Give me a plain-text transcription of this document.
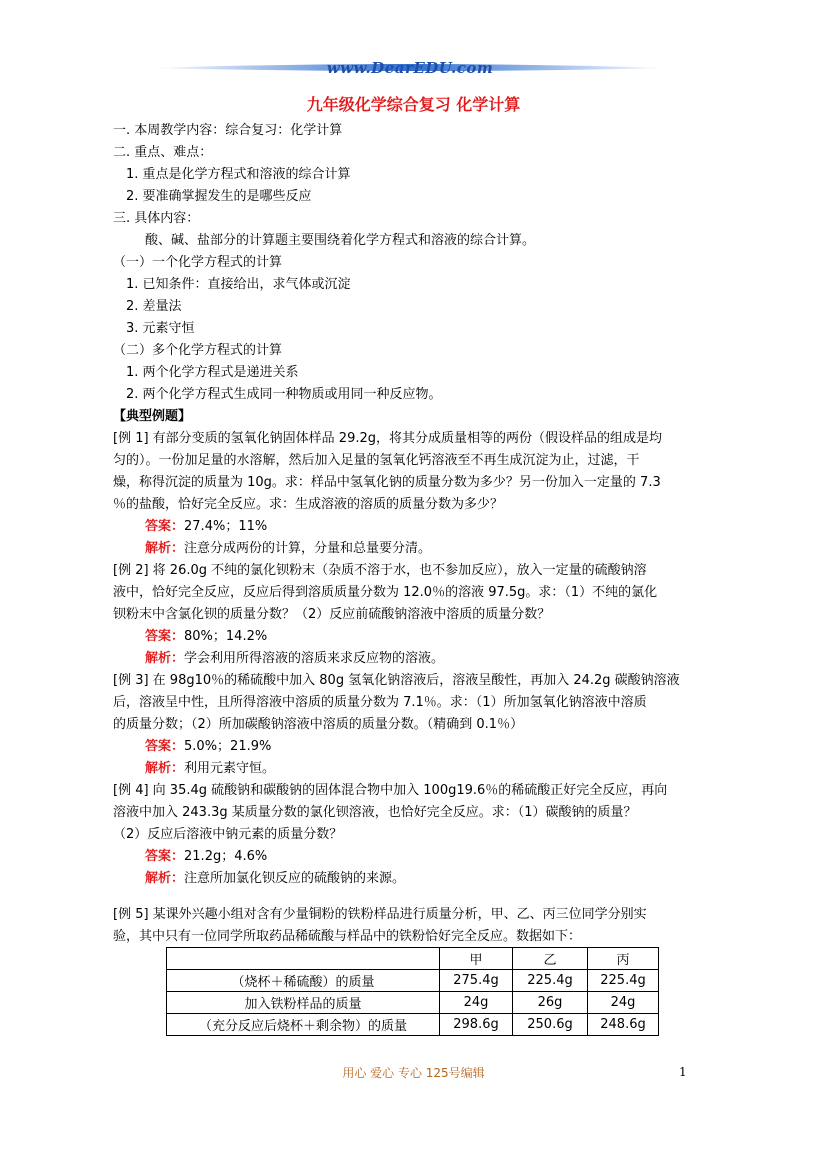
www.DearEDU.com
九年级化学综合复习 化学计算
一. 本周教学内容：综合复习：化学计算
二. 重点、难点：
1. 重点是化学方程式和溶液的综合计算
2. 要准确掌握发生的是哪些反应
三. 具体内容：
酸、碱、盐部分的计算题主要围绕着化学方程式和溶液的综合计算。
（一）一个化学方程式的计算
1. 已知条件：直接给出，求气体或沉淀
2. 差量法
3. 元素守恒
（二）多个化学方程式的计算
1. 两个化学方程式是递进关系
2. 两个化学方程式生成同一种物质或用同一种反应物。
【典型例题】
[例 1] 有部分变质的氢氧化钠固体样品 29.2g，将其分成质量相等的两份（假设样品的组成是均
匀的）。一份加足量的水溶解，然后加入足量的氢氧化钙溶液至不再生成沉淀为止，过滤，干
燥，称得沉淀的质量为 10g。求：样品中氢氧化钠的质量分数为多少？另一份加入一定量的 7.3
％的盐酸，恰好完全反应。求：生成溶液的溶质的质量分数为多少？
答案：27.4%；11%
解析：注意分成两份的计算，分量和总量要分清。
[例 2] 将 26.0g 不纯的氯化钡粉末（杂质不溶于水，也不参加反应），放入一定量的硫酸钠溶
液中，恰好完全反应，反应后得到溶质质量分数为 12.0％的溶液 97.5g。求：（1）不纯的氯化
钡粉末中含氯化钡的质量分数？（2）反应前硫酸钠溶液中溶质的质量分数？
答案：80%；14.2%
解析：学会利用所得溶液的溶质来求反应物的溶液。
[例 3] 在 98g10％的稀硫酸中加入 80g 氢氧化钠溶液后，溶液呈酸性，再加入 24.2g 碳酸钠溶液
后，溶液呈中性，且所得溶液中溶质的质量分数为 7.1％。求：（1）所加氢氧化钠溶液中溶质
的质量分数；（2）所加碳酸钠溶液中溶质的质量分数。（精确到 0.1％）
答案：5.0%；21.9%
解析：利用元素守恒。
[例 4] 向 35.4g 硫酸钠和碳酸钠的固体混合物中加入 100g19.6％的稀硫酸正好完全反应，再向
溶液中加入 243.3g 某质量分数的氯化钡溶液，也恰好完全反应。求：（1）碳酸钠的质量？
（2）反应后溶液中钠元素的质量分数？
答案：21.2g；4.6%
解析：注意所加氯化钡反应的硫酸钠的来源。
[例 5] 某课外兴趣小组对含有少量铜粉的铁粉样品进行质量分析，甲、乙、丙三位同学分别实
验，其中只有一位同学所取药品稀硫酸与样品中的铁粉恰好完全反应。数据如下：
	甲	乙	丙
（烧杯＋稀硫酸）的质量	275.4g	225.4g	225.4g
加入铁粉样品的质量	24g	26g	24g
（充分反应后烧杯＋剩余物）的质量	298.6g	250.6g	248.6g
用心 爱心 专心 125号编辑	1
